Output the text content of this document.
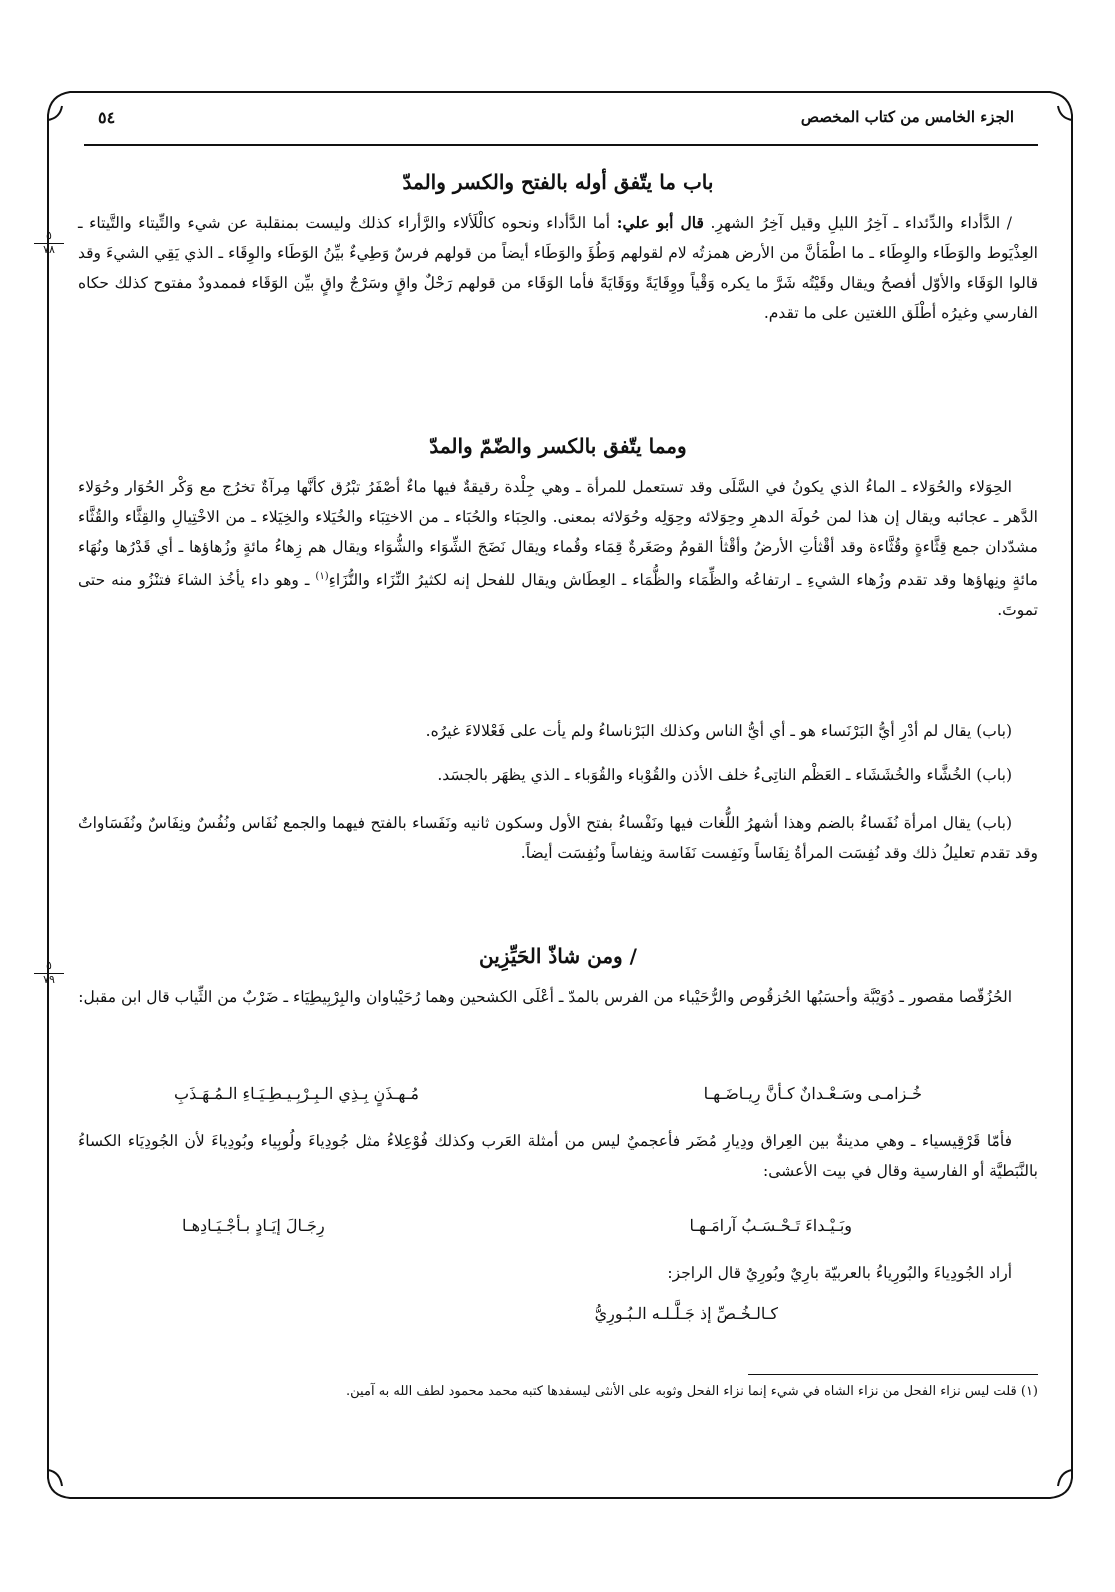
الجزء الخامس من كتاب المخصص
٥٤
٥
٧٨
٥
٧٩
باب ما يتّفق أوله بالفتح والكسر والمدّ
/ الدَّأداء والدِّئداء ـ آخِرُ الليلِ وقيل آخِرُ الشهرِ. قال أبو علي: أما الدَّأداء ونحوه كالْلَألاء والرَّأراء كذلك وليست بمنقلبة عن شيء والتِّيتاء والتَّيتاء ـ العِذْيَوط والوَطَاء والوِطَاء ـ ما اطْمَأنَّ من الأرض همزتُه لام لقولهم وَطُؤَ والوَطَاء أيضاً من قولهم فرسٌ وَطِيءٌ بيِّنُ الوَطَاء والوِقَاء ـ الذي يَقِي الشيءَ وقد قالوا الوَقَاء والأوّل أفصحُ ويقال وقَيْتُه شَرَّ ما يكره وَقْياً ووِقَايَةً ووَقَايَةً فأما الوَقَاء من قولهم رَحْلٌ واقٍ وسَرْجٌ واقٍ بيِّن الوَقَاء فممدودٌ مفتوح كذلك حكاه الفارسي وغيرُه أطْلَق اللغتين على ما تقدم.
ومما يتّفق بالكسر والضّمّ والمدّ
الحِوَلاء والحُوَلاء ـ الماءُ الذي يكونُ في السَّلَى وقد تستعمل للمرأة ـ وهي جِلْدة رقيقةٌ فيها ماءٌ أصْفَرُ تبْرُق كأنَّها مِرآةٌ تخرُج مع وَكْر الحُوَار وحُوَلاء الدَّهر ـ عجائبه ويقال إن هذا لمن حُولَة الدهرِ وحِوَلائه وحِوَلِه وحُوَلائه بمعنى. والحِبَاء والحُبَاء ـ من الاختِبَاء والخُيَلاء والخِيَلاء ـ من الاخْتِيالِ والقِثَّاء والقُثَّاء مشدّدان جمع قِثَّاءةٍ وقُثَّاءة وقد أقْثأتِ الأرضُ وأقْثأ القومُ وصَغَرةٌ قِمَاء وقُماء ويقال نَضَجَ الشِّوَاء والشُّوَاء ويقال هم زِهاءُ مائةٍ وزُهاؤها ـ أي قَدْرُها ونُهَاء مائةٍ ونِهاؤها وقد تقدم وزُهاء الشيءِ ـ ارتفاعُه والظِّمَاء والظُّمَاء ـ العِطَاش ويقال للفحل إنه لكثيرُ النِّزَاء والنُّزَاءِ$^{(١)}$ ـ وهو داء يأخُذ الشاءَ فتنْزُو منه حتى تموتَ.
(باب) يقال لم أدْرِ أيُّ البَرْنَساء هو ـ أي أيُّ الناس وكذلك البَرْناساءُ ولم يأت على فَعْلالاءَ غيرُه.
(باب) الخُشَّاء والخُشَشَاء ـ العَظْم الناتِىءُ خلف الأذن والقُوْباء والقُوَباء ـ الذي يظهَر بالجسَد.
(باب) يقال امرأة نُفَساءُ بالضم وهذا أشهرُ اللُّغات فيها ونَفْساءُ بفتح الأول وسكون ثانيه ونَفَساء بالفتح فيهما والجمع نُفَاس ونُفُسٌ ونِفَاسٌ ونُفَسَاواتٌ وقد تقدم تعليلُ ذلك وقد نُفِسَت المرأةُ نِفَاساً ونَفِست نَفَاسة ونِفاساً ونُفِسَت أيضاً.
/ ومن شاذّ الحَيِّزِين
الحُزُقّصا مقصور ـ دُوَيْبَّة وأحسَبُها الحُزقُوص والرُّحَيْباء من الفرس بالمدّ ـ أعْلَى الكشحين وهما رُحَيْباوان والبِرْبِيطِيَاء ـ ضَرْبٌ من الثِّياب قال ابن مقبل:
خُـزامـى وسَـعْـدانٌ كـأنَّ رِيـاضَـهـا
مُـهـذَنٍ بِـذِي الـبِـرْبِـيـطِـيَـاءِ الـمُـهَـذَبِ
فأمّا قَرْقِيسياء ـ وهي مدينةٌ بين العِراق ودِيارِ مُضَر فأعجميٌ ليس من أمثلة العَرب وكذلك فُوْعِلاءُ مثل جُودِياءَ ولُوبِياء وبُودِياءَ لأن الجُودِيَاء الكساءُ بالنَّبَطيَّة أو الفارسية وقال في بيت الأعشى:
وبَـيْـداءَ تَـحْـسَـبُ آرامَـهـا
رِجَـالَ إيَـادٍ بـأجْـيَـادِهـا
أراد الجُودِياءَ والبُورِياءُ بالعربيّة بارِيٌ وبُورِيٌ قال الراجز:
كـالـخُـصِّ إذ جَـلَّـلـه الـبُـورِيُّ
(١) قلت ليس نزاء الفحل من نزاء الشاه في شيء إنما نزاء الفحل وثوبه على الأنثى ليسفدها كتبه محمد محمود لطف الله به آمين.
